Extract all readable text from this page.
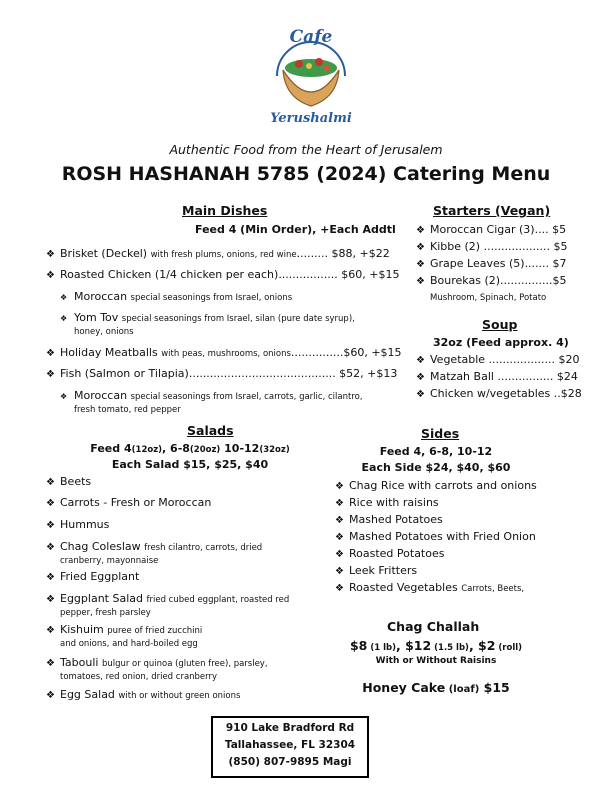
Cafe
Yerushalmi
Authentic Food from the Heart of Jerusalem
ROSH HASHANAH 5785 (2024) Catering Menu
Main Dishes
Feed 4 (Min Order), +Each Addtl
❖ Brisket (Deckel) with fresh plums, onions, red wine......... $88, +$22
❖ Roasted Chicken (1/4 chicken per each)................. $60, +$15
❖ Moroccan special seasonings from Israel, onions
❖ Yom Tov special seasonings from Israel, silan (pure date syrup),
honey, onions
❖ Holiday Meatballs with peas, mushrooms, onions...............$60, +$15
❖ Fish (Salmon or Tilapia).......................................... $52, +$13
❖ Moroccan special seasonings from Israel, carrots, garlic, cilantro,
fresh tomato, red pepper
Starters (Vegan)
❖ Moroccan Cigar (3).... $5
❖ Kibbe (2) ................... $5
❖ Grape Leaves (5)....... $7
❖ Bourekas (2)...............$5
Mushroom, Spinach, Potato
Soup
32oz (Feed approx. 4)
❖ Vegetable ................... $20
❖ Matzah Ball ................ $24
❖ Chicken w/vegetables ..$28
Salads
Feed 4(12oz), 6-8(20oz) 10-12(32oz)
Each Salad $15, $25, $40
❖ Beets
❖ Carrots - Fresh or Moroccan
❖ Hummus
❖ Chag Coleslaw fresh cilantro, carrots, dried
cranberry, mayonnaise
❖ Fried Eggplant
❖ Eggplant Salad fried cubed eggplant, roasted red
pepper, fresh parsley
❖ Kishuim puree of fried zucchini
and onions, and hard-boiled egg
❖ Tabouli bulgur or quinoa (gluten free), parsley,
tomatoes, red onion, dried cranberry
❖ Egg Salad with or without green onions
Sides
Feed 4, 6-8, 10-12
Each Side $24, $40, $60
❖ Chag Rice with carrots and onions
❖ Rice with raisins
❖ Mashed Potatoes
❖ Mashed Potatoes with Fried Onion
❖ Roasted Potatoes
❖ Leek Fritters
❖ Roasted Vegetables Carrots, Beets,
Chag Challah
$8 (1 lb), $12 (1.5 lb), $2 (roll)
With or Without Raisins
Honey Cake (loaf) $15
910 Lake Bradford Rd
Tallahassee, FL 32304
(850) 807-9895 Magi
